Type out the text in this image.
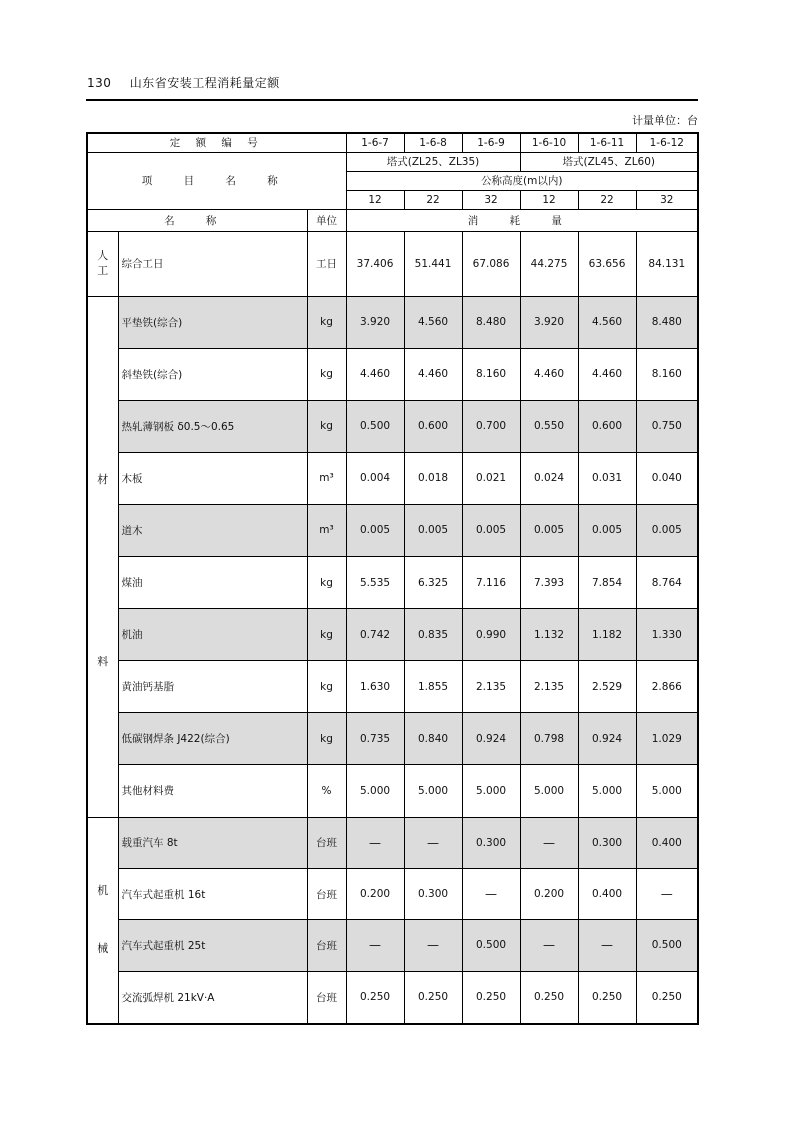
130 山东省安装工程消耗量定额
计量单位：台
定 额 编 号			1-6-7	1-6-8	1-6-9	1-6-10	1-6-11	1-6-12
项 目 名 称			塔式(ZL25、ZL35)			塔式(ZL45、ZL60)		
			公称高度(m以内)					
			12	22	32	12	22	32
名 称		单位	消 耗 量					
人工	综合工日	工日	37.406	51.441	67.086	44.275	63.656	84.131

材
料	平垫铁(综合)	kg	3.920	4.560	8.480	3.920	4.560	8.480
	斜垫铁(综合)	kg	4.460	4.460	8.160	4.460	4.460	8.160
	热轧薄钢板 δ0.5～0.65	kg	0.500	0.600	0.700	0.550	0.600	0.750
	木板	m³	0.004	0.018	0.021	0.024	0.031	0.040
	道木	m³	0.005	0.005	0.005	0.005	0.005	0.005
	煤油	kg	5.535	6.325	7.116	7.393	7.854	8.764
	机油	kg	0.742	0.835	0.990	1.132	1.182	1.330
	黄油钙基脂	kg	1.630	1.855	2.135	2.135	2.529	2.866
	低碳钢焊条 J422(综合)	kg	0.735	0.840	0.924	0.798	0.924	1.029
	其他材料费	%	5.000	5.000	5.000	5.000	5.000	5.000

机
械	载重汽车 8t	台班	—	—	0.300	—	0.300	0.400
	汽车式起重机 16t	台班	0.200	0.300	—	0.200	0.400	—
	汽车式起重机 25t	台班	—	—	0.500	—	—	0.500
	交流弧焊机 21kV·A	台班	0.250	0.250	0.250	0.250	0.250	0.250
